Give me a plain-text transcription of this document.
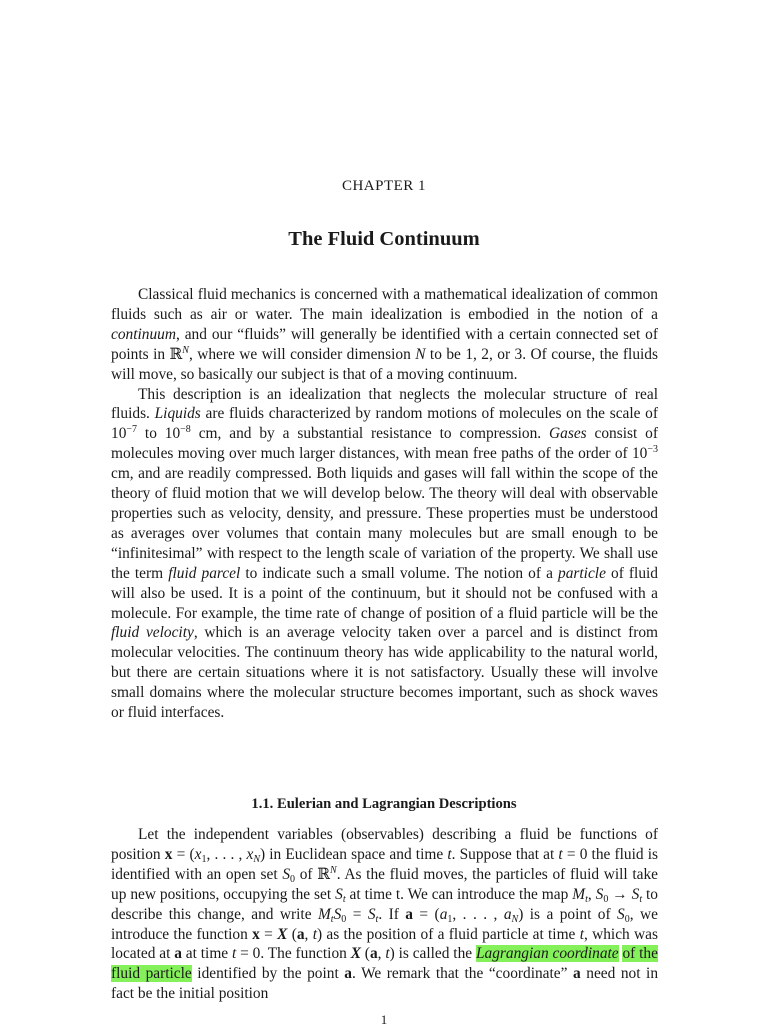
CHAPTER 1
The Fluid Continuum

Classical fluid mechanics is concerned with a mathematical idealization of common fluids such as air or water. The main idealization is embodied in the notion of a continuum, and our “fluids” will generally be identified with a certain connected set of points in ℝ$^N$, where we will consider dimension N to be 1, 2, or 3. Of course, the fluids will move, so basically our subject is that of a moving continuum.

This description is an idealization that neglects the molecular structure of real fluids. Liquids are fluids characterized by random motions of molecules on the scale of $10^{-7}$ to $10^{-8}$ cm, and by a substantial resistance to compression. Gases consist of molecules moving over much larger distances, with mean free paths of the order of $10^{-3}$ cm, and are readily compressed. Both liquids and gases will fall within the scope of the theory of fluid motion that we will develop below. The theory will deal with observable properties such as velocity, density, and pressure. These properties must be understood as averages over volumes that contain many molecules but are small enough to be “infinitesimal” with respect to the length scale of variation of the property. We shall use the term fluid parcel to indicate such a small volume. The notion of a particle of fluid will also be used. It is a point of the continuum, but it should not be confused with a molecule. For example, the time rate of change of position of a fluid particle will be the fluid velocity, which is an average velocity taken over a parcel and is distinct from molecular velocities. The continuum theory has wide applicability to the natural world, but there are certain situations where it is not satisfactory. Usually these will involve small domains where the molecular structure becomes important, such as shock waves or fluid interfaces.

1.1. Eulerian and Lagrangian Descriptions

Let the independent variables (observables) describing a fluid be functions of position $x = (x_1$, . . . , $x_N$) in Euclidean space and time t. Suppose that at t = 0 the fluid is identified with an open set $S_0$ of ℝ$^N$. As the fluid moves, the particles of fluid will take up new positions, occupying the set $S_t$ at time t. We can introduce the map $M_t$, $S_0 \to S_t$ to describe this change, and write $M_tS_0 = S_t$. If $a = (a_1$, . . . , $a_N$) is a point of $S_0$, we introduce the function x = X (a, t) as the position of a fluid particle at time t, which was located at a at time t = 0. The function X (a, t) is called the Lagrangian coordinate of the fluid particle identified by the point a. We remark that the “coordinate” a need not in fact be the initial position

1
